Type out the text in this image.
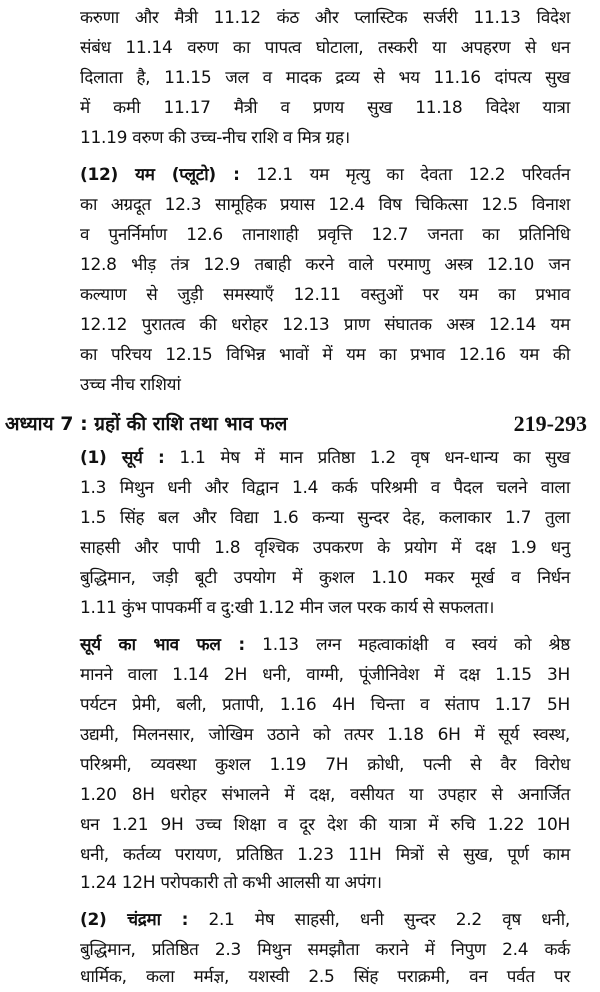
करुणा और मैत्री 11.12 कंठ और प्लास्टिक सर्जरी 11.13 विदेश
संबंध 11.14 वरुण का पापत्व घोटाला, तस्करी या अपहरण से धन
दिलाता है, 11.15 जल व मादक द्रव्य से भय 11.16 दांपत्य सुख
में कमी 11.17 मैत्री व प्रणय सुख 11.18 विदेश यात्रा
11.19 वरुण की उच्च-नीच राशि व मित्र ग्रह।
(12) यम (प्लूटो) : 12.1 यम मृत्यु का देवता 12.2 परिवर्तन
का अग्रदूत 12.3 सामूहिक प्रयास 12.4 विष चिकित्सा 12.5 विनाश
व पुनर्निर्माण 12.6 तानाशाही प्रवृत्ति 12.7 जनता का प्रतिनिधि
12.8 भीड़ तंत्र 12.9 तबाही करने वाले परमाणु अस्त्र 12.10 जन
कल्याण से जुड़ी समस्याएँ 12.11 वस्तुओं पर यम का प्रभाव
12.12 पुरातत्व की धरोहर 12.13 प्राण संघातक अस्त्र 12.14 यम
का परिचय 12.15 विभिन्न भावों में यम का प्रभाव 12.16 यम की
उच्च नीच राशियां
अध्याय 7 : ग्रहों की राशि तथा भाव फल	219-293
(1) सूर्य : 1.1 मेष में मान प्रतिष्ठा 1.2 वृष धन-धान्य का सुख
1.3 मिथुन धनी और विद्वान 1.4 कर्क परिश्रमी व पैदल चलने वाला
1.5 सिंह बल और विद्या 1.6 कन्या सुन्दर देह, कलाकार 1.7 तुला
साहसी और पापी 1.8 वृश्चिक उपकरण के प्रयोग में दक्ष 1.9 धनु
बुद्धिमान, जड़ी बूटी उपयोग में कुशल 1.10 मकर मूर्ख व निर्धन
1.11 कुंभ पापकर्मी व दु:खी 1.12 मीन जल परक कार्य से सफलता।
सूर्य का भाव फल : 1.13 लग्न महत्वाकांक्षी व स्वयं को श्रेष्ठ
मानने वाला 1.14 2H धनी, वाग्मी, पूंजीनिवेश में दक्ष 1.15 3H
पर्यटन प्रेमी, बली, प्रतापी, 1.16 4H चिन्ता व संताप 1.17 5H
उद्यमी, मिलनसार, जोखिम उठाने को तत्पर 1.18 6H में सूर्य स्वस्थ,
परिश्रमी, व्यवस्था कुशल 1.19 7H क्रोधी, पत्नी से वैर विरोध
1.20 8H धरोहर संभालने में दक्ष, वसीयत या उपहार से अनार्जित
धन 1.21 9H उच्च शिक्षा व दूर देश की यात्रा में रुचि 1.22 10H
धनी, कर्तव्य परायण, प्रतिष्ठित 1.23 11H मित्रों से सुख, पूर्ण काम
1.24 12H परोपकारी तो कभी आलसी या अपंग।
(2) चंद्रमा : 2.1 मेष साहसी, धनी सुन्दर 2.2 वृष धनी,
बुद्धिमान, प्रतिष्ठित 2.3 मिथुन समझौता कराने में निपुण 2.4 कर्क
धार्मिक, कला मर्मज्ञ, यशस्वी 2.5 सिंह पराक्रमी, वन पर्वत पर
